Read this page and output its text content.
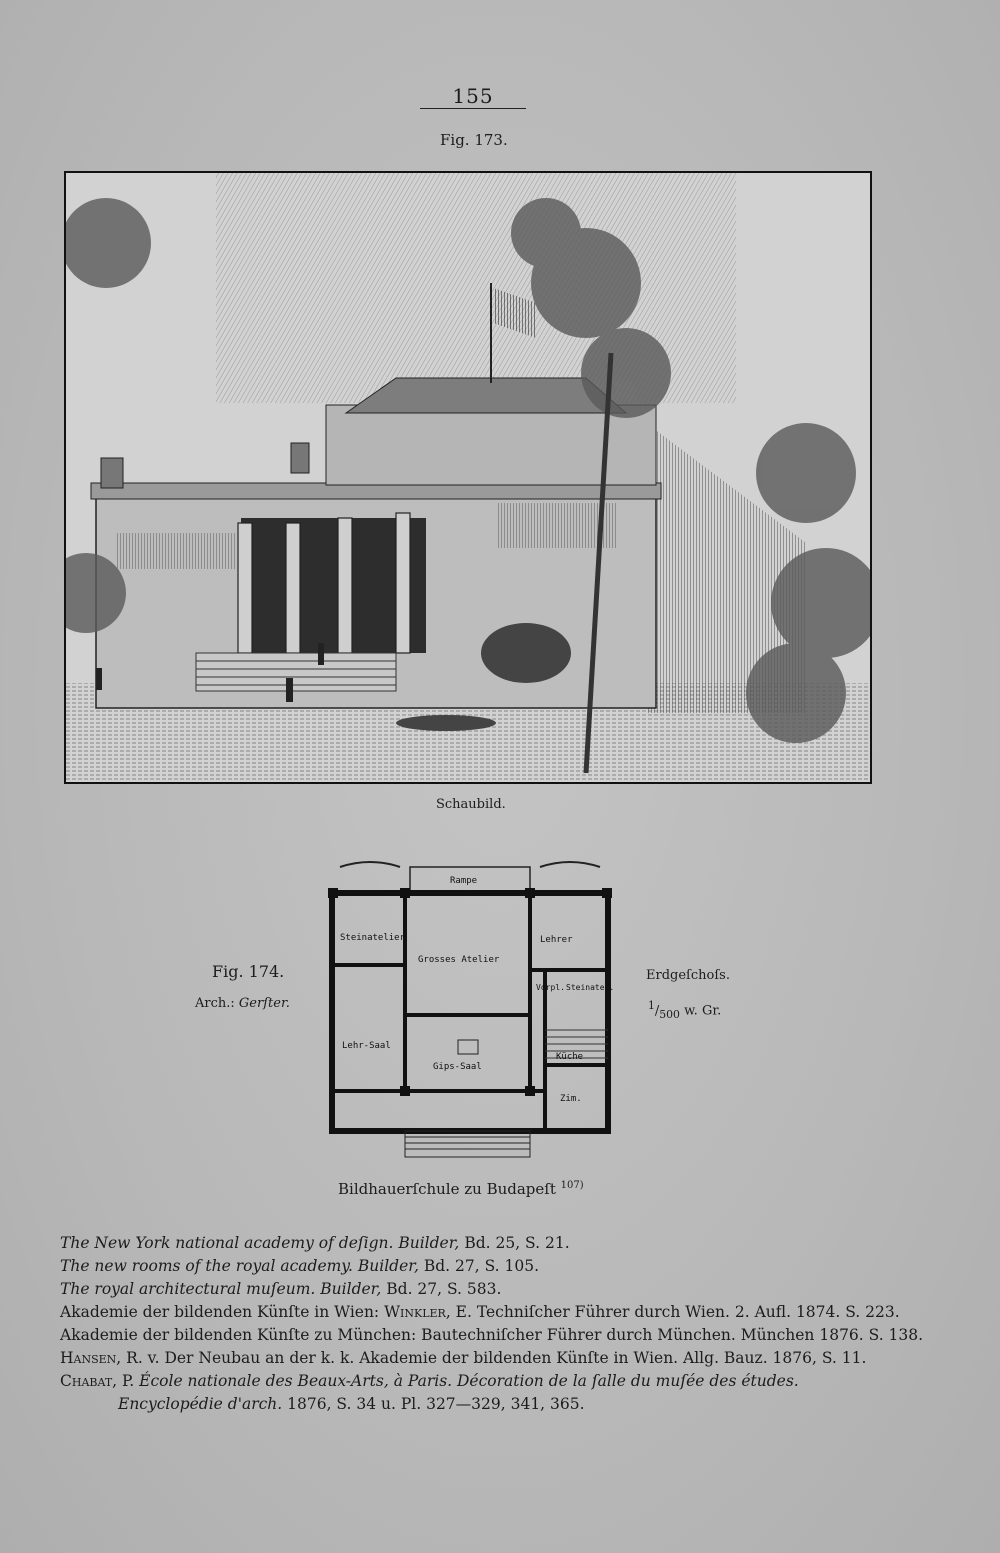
155
Fig. 173.
Schaubild.
Fig. 174.
Arch.: Gerſter.
Erdgeſchoſs.
$^1/_{500}$ w. Gr.
Rampe
Steinatelier
Grosses Atelier
Lehrer
Vorpl. Steinatel.
Lehr-Saal
Gips-Saal
Küche
Zim.
Bildhauerſchule zu Budapeſt $^{107)}$
The New York national academy of deſign. Builder, Bd. 25, S. 21.
The new rooms of the royal academy. Builder, Bd. 27, S. 105.
The royal architectural muſeum. Builder, Bd. 27, S. 583.
Akademie der bildenden Künſte in Wien: Winkler, E. Techniſcher Führer durch Wien. 2. Aufl. 1874. S. 223.
Akademie der bildenden Künſte zu München: Bautechniſcher Führer durch München. München 1876. S. 138.
Hansen, R. v. Der Neubau an der k. k. Akademie der bildenden Künſte in Wien. Allg. Bauz. 1876, S. 11.
Chabat, P. École nationale des Beaux-Arts, à Paris. Décoration de la ſalle du muſée des études.
Encyclopédie d'arch. 1876, S. 34 u. Pl. 327—329, 341, 365.
